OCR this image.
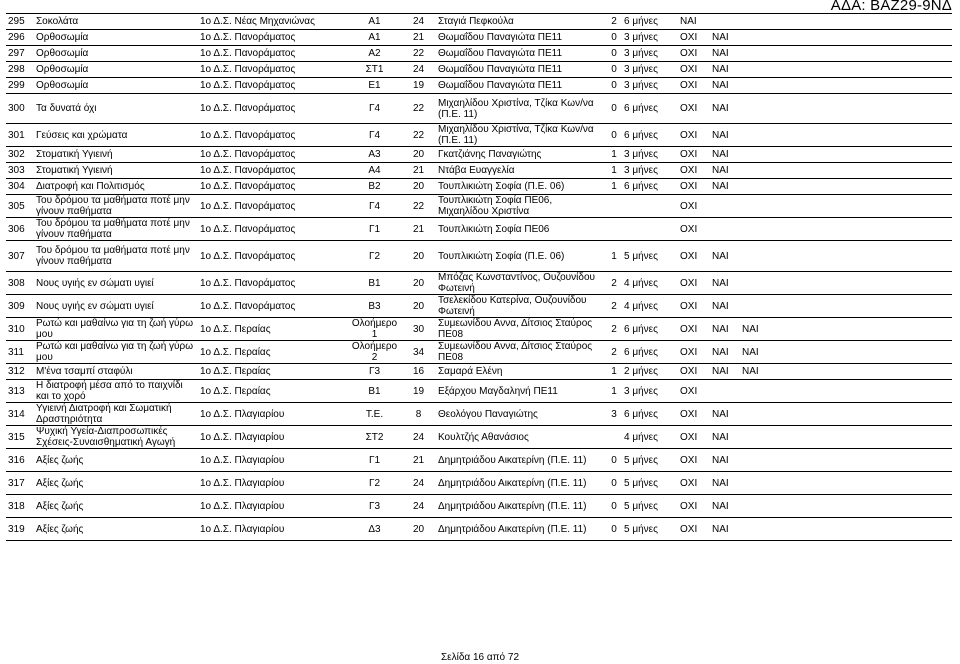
ΑΔΑ: ΒΑΖ29-9ΝΔ
295	Σοκολάτα	1ο Δ.Σ. Νέας Μηχανιώνας	Α1	24	Σταγιά Πεφκούλα	2	6 μήνες	ΝΑΙ		
296	Ορθοσωμία	1ο Δ.Σ. Πανοράματος	Α1	21	Θωμαΐδου Παναγιώτα ΠΕ11	0	3 μήνες	ΟΧΙ	ΝΑΙ	
297	Ορθοσωμία	1ο Δ.Σ. Πανοράματος	Α2	22	Θωμαΐδου Παναγιώτα ΠΕ11	0	3 μήνες	ΟΧΙ	ΝΑΙ	
298	Ορθοσωμία	1ο Δ.Σ. Πανοράματος	ΣΤ1	24	Θωμαΐδου Παναγιώτα ΠΕ11	0	3 μήνες	ΟΧΙ	ΝΑΙ	
299	Ορθοσωμία	1ο Δ.Σ. Πανοράματος	Ε1	19	Θωμαΐδου Παναγιώτα ΠΕ11	0	3 μήνες	ΟΧΙ	ΝΑΙ	
300	Τα δυνατά όχι	1ο Δ.Σ. Πανοράματος	Γ4	22	Μιχαηλίδου Χριστίνα, Τζίκα Κων/να (Π.Ε. 11)	0	6 μήνες	ΟΧΙ	ΝΑΙ	
301	Γεύσεις και χρώματα	1ο Δ.Σ. Πανοράματος	Γ4	22	Μιχαηλίδου Χριστίνα, Τζίκα Κων/να (Π.Ε. 11)	0	6 μήνες	ΟΧΙ	ΝΑΙ	
302	Στοματική Υγιεινή	1ο Δ.Σ. Πανοράματος	Α3	20	Γκατζιάνης Παναγιώτης	1	3 μήνες	ΟΧΙ	ΝΑΙ	
303	Στοματική Υγιεινή	1ο Δ.Σ. Πανοράματος	Α4	21	Ντάβα Ευαγγελία	1	3 μήνες	ΟΧΙ	ΝΑΙ	
304	Διατροφή και Πολιτισμός	1ο Δ.Σ. Πανοράματος	Β2	20	Τουπλικιώτη Σοφία (Π.Ε. 06)	1	6 μήνες	ΟΧΙ	ΝΑΙ	
305	Του δρόμου τα μαθήματα ποτέ μην γίνουν παθήματα	1ο Δ.Σ. Πανοράματος	Γ4	22	Τουπλικιώτη Σοφία ΠΕ06, Μιχαηλίδου Χριστίνα			ΟΧΙ		
306	Του δρόμου τα μαθήματα ποτέ μην γίνουν παθήματα	1ο Δ.Σ. Πανοράματος	Γ1	21	Τουπλικιώτη Σοφία ΠΕ06			ΟΧΙ		
307	Του δρόμου τα μαθήματα ποτέ μην γίνουν παθήματα	1ο Δ.Σ. Πανοράματος	Γ2	20	Τουπλικιώτη Σοφία (Π.Ε. 06)	1	5 μήνες	ΟΧΙ	ΝΑΙ	
308	Νους υγιής εν σώματι υγιεί	1ο Δ.Σ. Πανοράματος	Β1	20	Μπόζας Κωνσταντίνος, Ουζουνίδου Φωτεινή	2	4 μήνες	ΟΧΙ	ΝΑΙ	
309	Νους υγιής εν σώματι υγιεί	1ο Δ.Σ. Πανοράματος	Β3	20	Τσελεκίδου Κατερίνα, Ουζουνίδου Φωτεινή	2	4 μήνες	ΟΧΙ	ΝΑΙ	
310	Ρωτώ και μαθαίνω για τη ζωή γύρω μου	1ο Δ.Σ. Περαίας	Ολοήμερο 1	30	Συμεωνίδου Αννα, Δίτσιος Σταύρος ΠΕ08	2	6 μήνες	ΟΧΙ	ΝΑΙ	ΝΑΙ
311	Ρωτώ και μαθαίνω για τη ζωή γύρω μου	1ο Δ.Σ. Περαίας	Ολοήμερο 2	34	Συμεωνίδου Αννα, Δίτσιος Σταύρος ΠΕ08	2	6 μήνες	ΟΧΙ	ΝΑΙ	ΝΑΙ
312	Μ'ένα τσαμπί σταφύλι	1ο Δ.Σ. Περαίας	Γ3	16	Σαμαρά Ελένη	1	2 μήνες	ΟΧΙ	ΝΑΙ	ΝΑΙ
313	Η διατροφή μέσα από το παιχνίδι και το χορό	1ο Δ.Σ. Περαίας	Β1	19	Εξάρχου Μαγδαληνή ΠΕ11	1	3 μήνες	ΟΧΙ		
314	Υγιεινή Διατροφή και Σωματική Δραστηριότητα	1ο Δ.Σ. Πλαγιαρίου	Τ.Ε.	8	Θεολόγου Παναγιώτης	3	6 μήνες	ΟΧΙ	ΝΑΙ	
315	Ψυχική Υγεία-Διαπροσωπικές Σχέσεις-Συναισθηματική Αγωγή	1ο Δ.Σ. Πλαγιαρίου	ΣΤ2	24	Κουλτζής Αθανάσιος		4 μήνες	ΟΧΙ	ΝΑΙ	
316	Αξίες ζωής	1ο Δ.Σ. Πλαγιαρίου	Γ1	21	Δημητριάδου Αικατερίνη (Π.Ε. 11)	0	5 μήνες	ΟΧΙ	ΝΑΙ	
317	Αξίες ζωής	1ο Δ.Σ. Πλαγιαρίου	Γ2	24	Δημητριάδου Αικατερίνη (Π.Ε. 11)	0	5 μήνες	ΟΧΙ	ΝΑΙ	
318	Αξίες ζωής	1ο Δ.Σ. Πλαγιαρίου	Γ3	24	Δημητριάδου Αικατερίνη (Π.Ε. 11)	0	5 μήνες	ΟΧΙ	ΝΑΙ	
319	Αξίες ζωής	1ο Δ.Σ. Πλαγιαρίου	Δ3	20	Δημητριάδου Αικατερίνη (Π.Ε. 11)	0	5 μήνες	ΟΧΙ	ΝΑΙ	
Σελίδα 16 από 72
